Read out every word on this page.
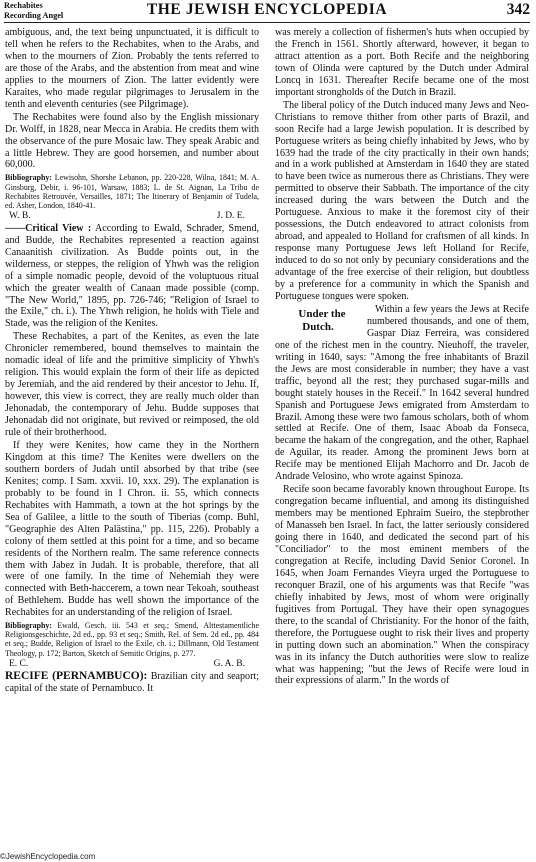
Rechabites
Recording Angel	THE JEWISH ENCYCLOPEDIA	342

ambiguous, and, the text being unpunctuated, it is difficult to tell when he refers to the Rechabites, when to the Arabs, and when to the mourners of Zion. Probably the tents referred to are those of the Arabs, and the abstention from meat and wine applies to the mourners of Zion. The latter evidently were Karaites, who made regular pilgrimages to Jerusalem in the tenth and eleventh centuries (see Pilgrimage).

The Rechabites were found also by the English missionary Dr. Wolff, in 1828, near Mecca in Arabia. He credits them with the observance of the pure Mosaic law. They speak Arabic and a little Hebrew. They are good horsemen, and number about 60,000.

Bibliography: Lewisohn, Shorshe Lebanon, pp. 220-228, Wilna, 1841; M. A. Ginsburg, Debir, i. 96-101, Warsaw, 1883; L. de St. Aignan, La Tribu de Rechabites Retrouvée, Versailles, 1871; The Itinerary of Benjamin of Tudela, ed. Asher, London, 1840-41.
W. B.	J. D. E.

——Critical View : According to Ewald, Schrader, Smend, and Budde, the Rechabites represented a reaction against Canaanitish civilization. As Budde points out, in the wilderness, or steppes, the religion of Yhwh was the religion of a simple nomadic people, devoid of the voluptuous ritual which the greater wealth of Canaan made possible (comp. "The New World," 1895, pp. 726-746; "Religion of Israel to the Exile," ch. i.). The Yhwh religion, he holds with Tiele and Stade, was the religion of the Kenites.

These Rechabites, a part of the Kenites, as even the late Chronicler remembered, bound themselves to maintain the nomadic ideal of life and the primitive simplicity of Yhwh's religion. This would explain the form of their life as depicted by Jeremiah, and the aid rendered by their ancestor to Jehu. If, however, this view is correct, they are really much older than Jehonadab, the contemporary of Jehu. Budde supposes that Jehonadab did not originate, but revived or reimposed, the old rule of their brotherhood.

If they were Kenites, how came they in the Northern Kingdom at this time? The Kenites were dwellers on the southern borders of Judah until absorbed by that tribe (see Kenites; comp. I Sam. xxvii. 10, xxx. 29). The explanation is probably to be found in I Chron. ii. 55, which connects Rechabites with Hammath, a town at the hot springs by the Sea of Galilee, a little to the south of Tiberias (comp. Buhl, "Geographie des Alten Palästina," pp. 115, 226). Probably a colony of them settled at this point for a time, and so became residents of the Northern realm. The same reference connects them with Jabez in Judah. It is probable, therefore, that all were of one family. In the time of Nehemiah they were connected with Beth-haccerem, a town near Tekoah, southeast of Bethlehem. Budde has well shown the importance of the Rechabites for an understanding of the religion of Israel.

Bibliography: Ewald, Gesch. iii. 543 et seq.; Smend, Alttestamentliche Religionsgeschichte, 2d ed., pp. 93 et seq.; Smith, Rel. of Sem. 2d ed., pp. 484 et seq.; Budde, Religion of Israel to the Exile, ch. i.; Dillmann, Old Testament Theology, p. 172; Barton, Sketch of Semitic Origins, p. 277.
E. C.	G. A. B.

RECIFE (PERNAMBUCO): Brazilian city and seaport; capital of the state of Pernambuco. It

was merely a collection of fishermen's huts when occupied by the French in 1561. Shortly afterward, however, it began to attract attention as a port. Both Recife and the neighboring town of Olinda were captured by the Dutch under Admiral Loncq in 1631. Thereafter Recife became one of the most important strongholds of the Dutch in Brazil.

The liberal policy of the Dutch induced many Jews and Neo-Christians to remove thither from other parts of Brazil, and soon Recife had a large Jewish population. It is described by Portuguese writers as being chiefly inhabited by Jews, who by 1639 had the trade of the city practically in their own hands; and in a work published at Amsterdam in 1640 they are stated to have been twice as numerous there as Christians. They were permitted to observe their Sabbath. The importance of the city increased during the wars between the Dutch and the Portuguese. Anxious to make it the foremost city of their possessions, the Dutch endeavored to attract colonists from abroad, and appealed to Holland for craftsmen of all kinds. In response many Portuguese Jews left Holland for Recife, induced to do so not only by pecuniary considerations and the advantage of the free exercise of their religion, but doubtless by a preference for a community in which the Spanish and Portuguese tongues were spoken.

Under the Dutch.
Within a few years the Jews at Recife numbered thousands, and one of them, Gaspar Diaz Ferreira, was considered one of the richest men in the country. Nieuhoff, the traveler, writing in 1640, says: "Among the free inhabitants of Brazil the Jews are most considerable in number; they have a vast traffic, beyond all the rest; they purchased sugar-mills and bought stately houses in the Receif." In 1642 several hundred Spanish and Portuguese Jews emigrated from Amsterdam to Brazil. Among these were two famous scholars, both of whom settled at Recife. One of them, Isaac Aboab da Fonseca, became the hakam of the congregation, and the other, Raphael de Aguilar, its reader. Among the prominent Jews born at Recife may be mentioned Elijah Machorro and Dr. Jacob de Andrade Velosino, who wrote against Spinoza.

Recife soon became favorably known throughout Europe. Its congregation became influential, and among its distinguished members may be mentioned Ephraim Sueiro, the stepbrother of Manasseh ben Israel. In fact, the latter seriously considered going there in 1640, and dedicated the second part of his "Conciliador" to the most eminent members of the congregation at Recife, including David Senior Coronel. In 1645, when Joam Fernandes Vieyra urged the Portuguese to reconquer Brazil, one of his arguments was that Recife "was chiefly inhabited by Jews, most of whom were originally fugitives from Portugal. They have their open synagogues there, to the scandal of Christianity. For the honor of the faith, therefore, the Portuguese ought to risk their lives and property in putting down such an abomination." When the conspiracy was in its infancy the Dutch authorities were slow to realize what was happening; "but the Jews of Recife were loud in their expressions of alarm." In the words of

©JewishEncyclopedia.com
